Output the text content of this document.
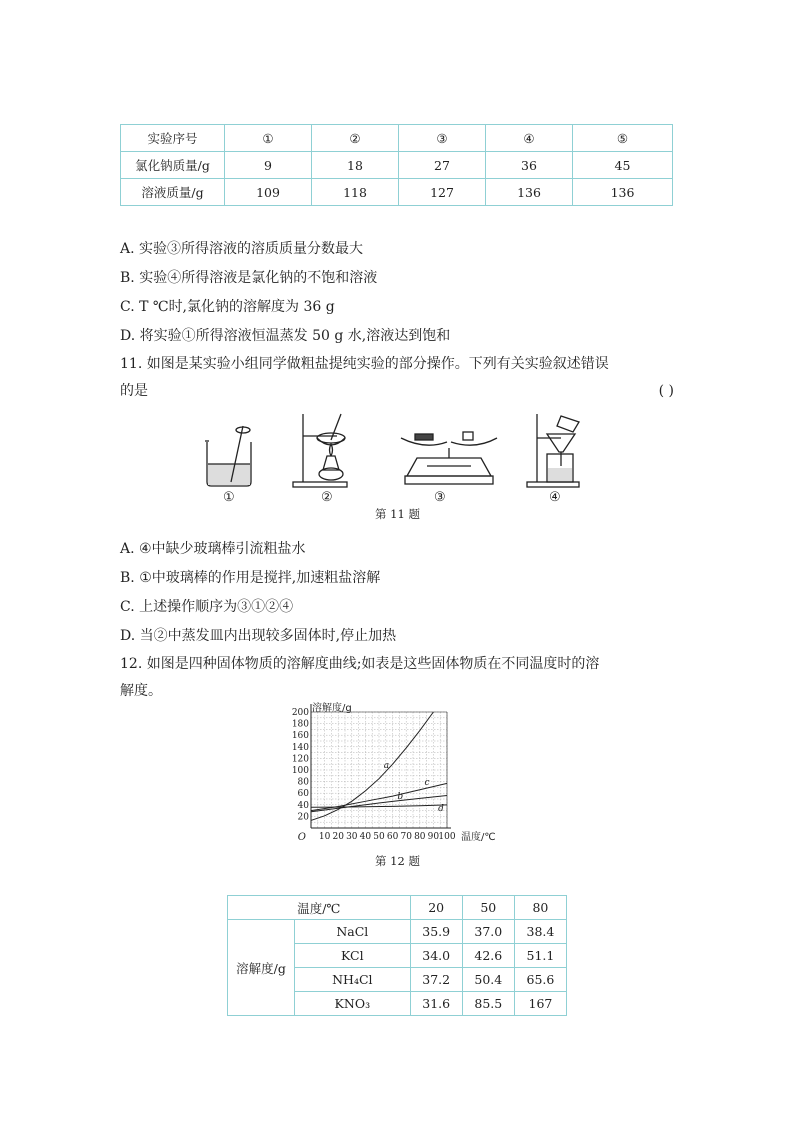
实验序号	①	②	③	④	⑤
氯化钠质量/g	9	18	27	36	45
溶液质量/g	109	118	127	136	136
A. 实验③所得溶液的溶质质量分数最大
B. 实验④所得溶液是氯化钠的不饱和溶液
C. T ℃时,氯化钠的溶解度为 36 g
D. 将实验①所得溶液恒温蒸发 50 g 水,溶液达到饱和
11. 如图是某实验小组同学做粗盐提纯实验的部分操作。下列有关实验叙述错误
的是	( )
①	②	③	④
第 11 题
A. ④中缺少玻璃棒引流粗盐水
B. ①中玻璃棒的作用是搅拌,加速粗盐溶解
C. 上述操作顺序为③①②④
D. 当②中蒸发皿内出现较多固体时,停止加热
12. 如图是四种固体物质的溶解度曲线;如表是这些固体物质在不同温度时的溶
解度。
20
40
60
80
100
120
140
160
180
200
10 20 30 40 50 60 70 80 90 100
O
溶解度/g
温度/℃
a
b
c
d
第 12 题
温度/℃		20	50	80
溶解度/g	NaCl	35.9	37.0	38.4
	KCl	34.0	42.6	51.1
	NH₄Cl	37.2	50.4	65.6
	KNO₃	31.6	85.5	167
